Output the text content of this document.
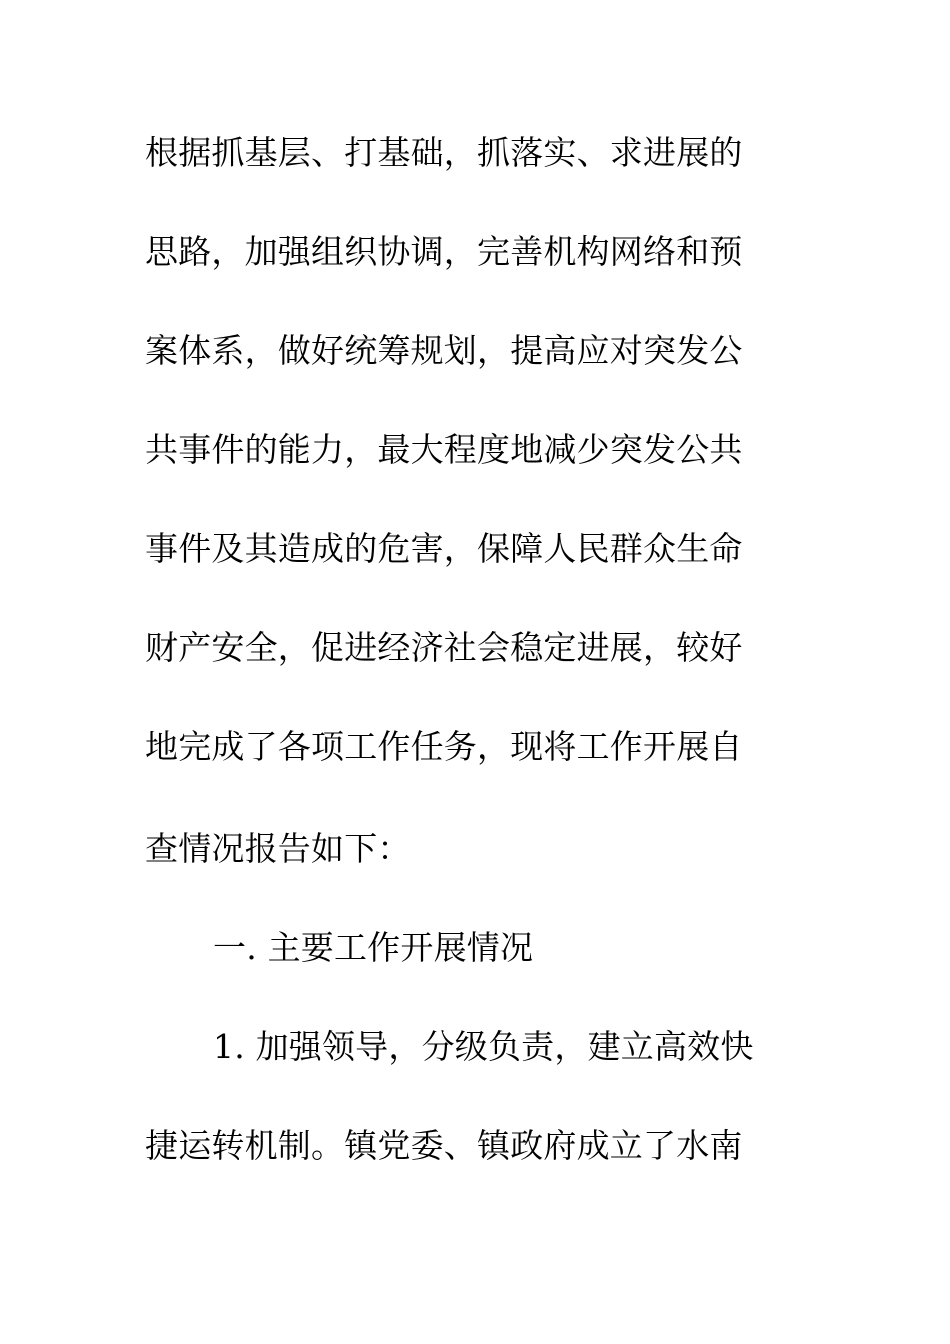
根据抓基层、打基础，抓落实、求进展的
思路，加强组织协调，完善机构网络和预
案体系，做好统筹规划，提高应对突发公
共事件的能力，最大程度地减少突发公共
事件及其造成的危害，保障人民群众生命
财产安全，促进经济社会稳定进展，较好
地完成了各项工作任务，现将工作开展自
查情况报告如下：
一. 主要工作开展情况
1. 加强领导，分级负责，建立高效快
捷运转机制。镇党委、镇政府成立了水南
